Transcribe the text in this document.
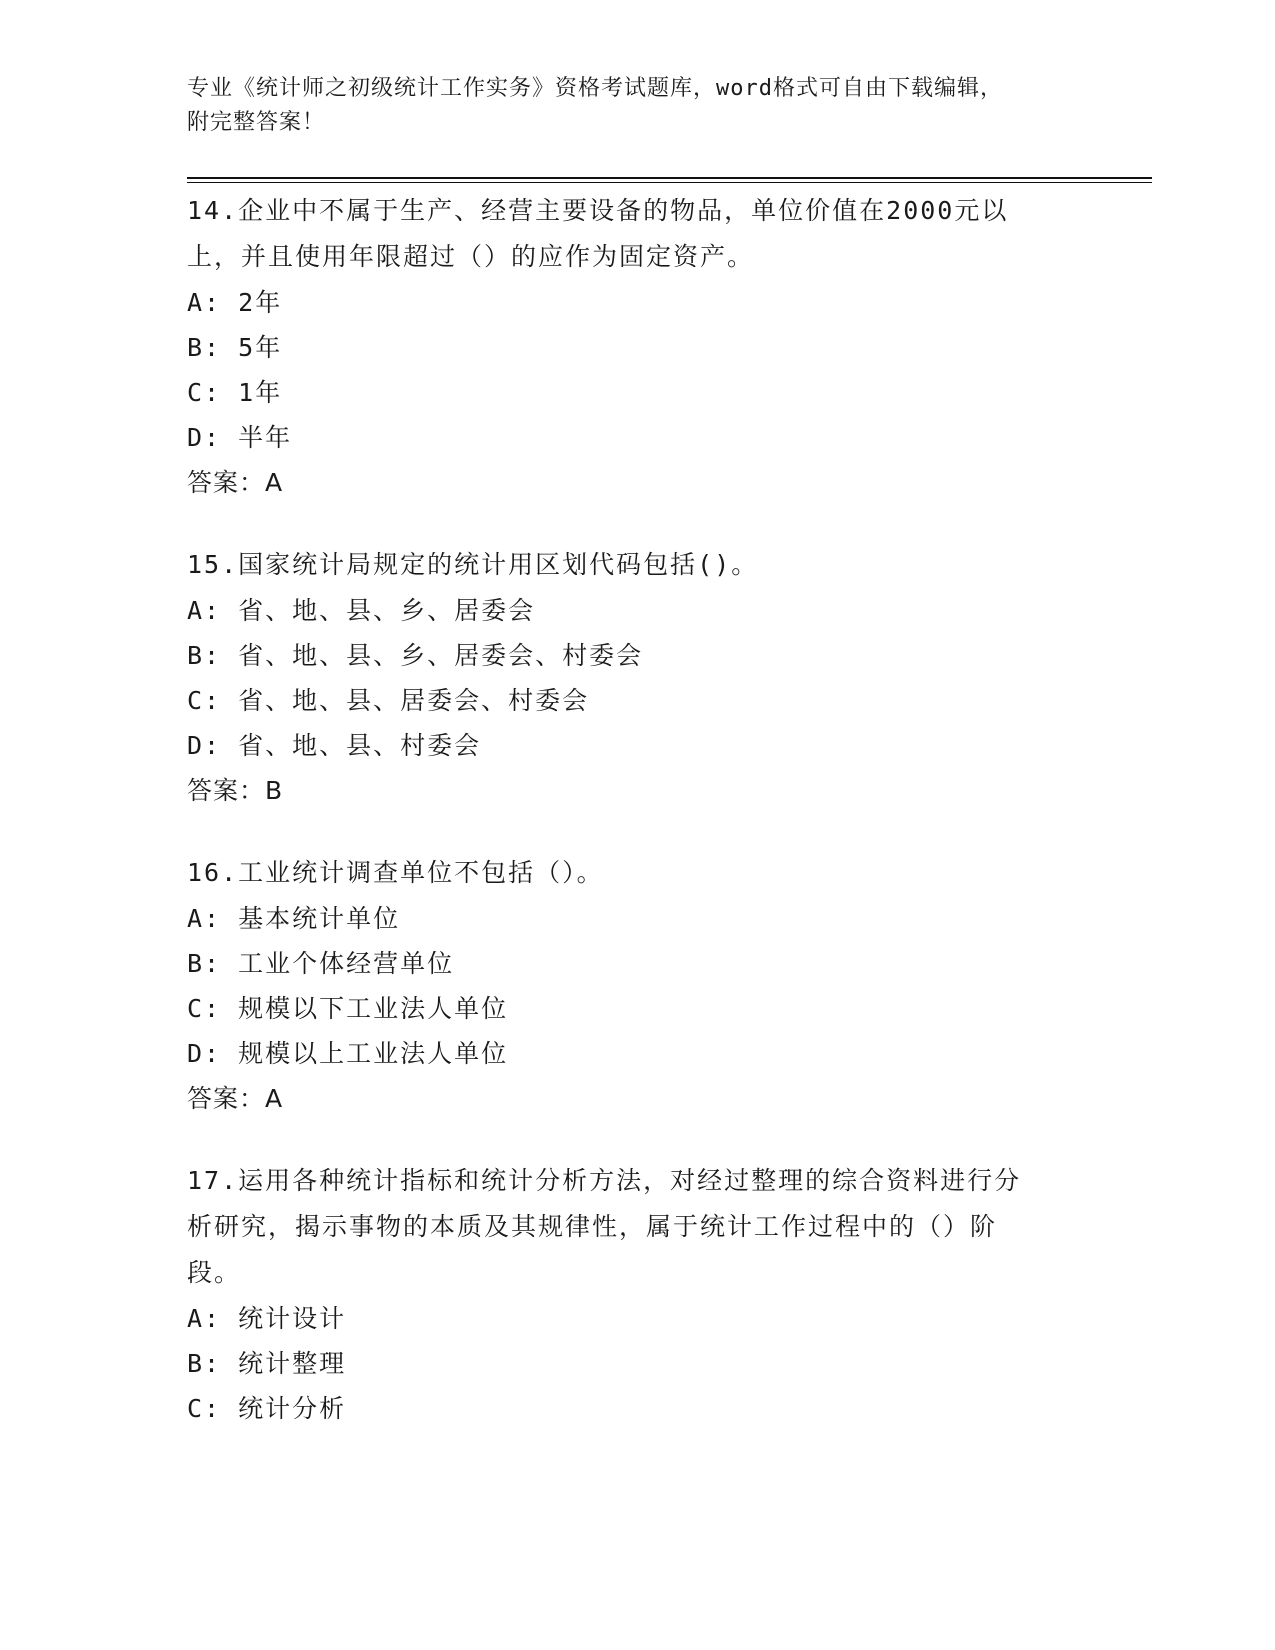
专业《统计师之初级统计工作实务》资格考试题库，word格式可自由下载编辑，
附完整答案！

14.企业中不属于生产、经营主要设备的物品，单位价值在2000元以

上，并且使用年限超过（）的应作为固定资产。

A: 2年

B: 5年

C: 1年

D: 半年

答案：A

15.国家统计局规定的统计用区划代码包括()。

A: 省、地、县、乡、居委会

B: 省、地、县、乡、居委会、村委会

C: 省、地、县、居委会、村委会

D: 省、地、县、村委会

答案：B

16.工业统计调查单位不包括（）。

A: 基本统计单位

B: 工业个体经营单位

C: 规模以下工业法人单位

D: 规模以上工业法人单位

答案：A

17.运用各种统计指标和统计分析方法，对经过整理的综合资料进行分

析研究，揭示事物的本质及其规律性，属于统计工作过程中的（）阶

段。

A: 统计设计

B: 统计整理

C: 统计分析
